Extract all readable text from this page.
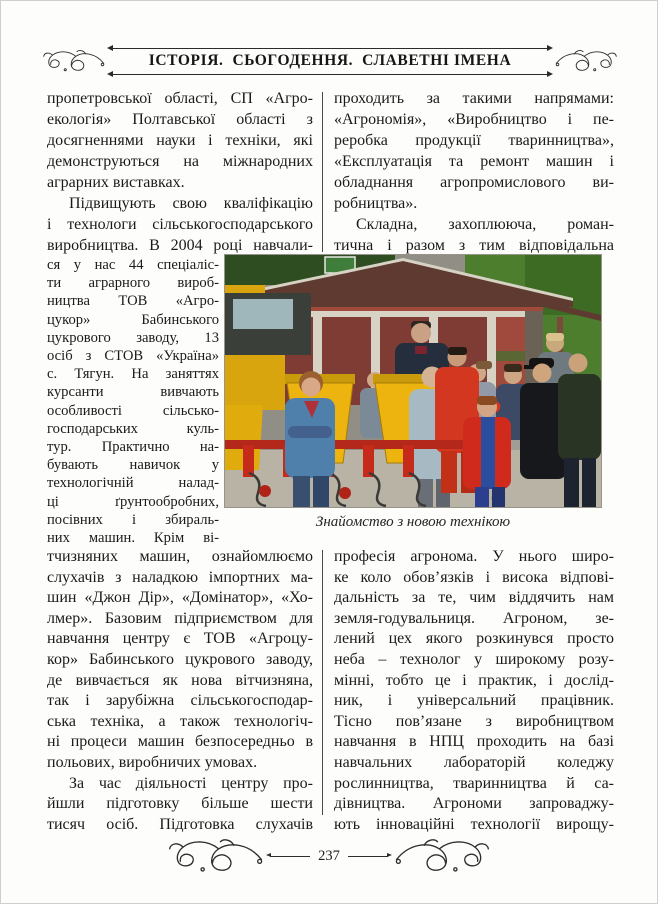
ІСТОРІЯ.  СЬОГОДЕННЯ.  СЛАВЕТНІ ІМЕНА
пропетровської області, СП «Агро-
екологія» Полтавської області з
досягненнями науки і техніки, які
демонструються на міжнародних
аграрних виставках.
Підвищують свою кваліфікацію
і технологи сільськогосподарського
виробництва. В 2004 році навчали-
проходить за такими напрямами:
«Агрономія», «Виробництво і пе-
реробка продукції тваринництва»,
«Експлуатація та ремонт машин і
обладнання агропромислового ви-
робництва».
Складна, захоплююча, роман-
тична і разом з тим відповідальна
ся у нас 44 спеціаліс-
ти аграрного вироб-
ництва ТОВ «Агро-
цукор» Бабинського
цукрового заводу, 13
осіб з СТОВ «Україна»
с. Тягун. На заняттях
курсанти вивчають
особливості сільсько-
господарських куль-
тур. Практично на-
бувають навичок у
технологічній налад-
ці ґрунтообробних,
посівних і збираль-
них машин. Крім ві-
тчизняних машин, ознайомлюємо
слухачів з наладкою імпортних ма-
шин «Джон Дір», «Домінатор», «Хо-
лмер». Базовим підприємством для
навчання центру є ТОВ «Агроцу-
кор» Бабинського цукрового заводу,
де вивчається як нова вітчизняна,
так і зарубіжна сільськогосподар-
ська техніка, а також технологіч-
ні процеси машин безпосередньо в
польових, виробничих умовах.
За час діяльності центру про-
йшли підготовку більше шести
тисяч осіб. Підготовка слухачів
професія агронома. У нього широ-
ке коло обов’язків і висока відпові-
дальність за те, чим віддячить нам
земля-годувальниця. Агроном, зе-
лений цех якого розкинувся просто
неба – технолог у широкому розу-
мінні, тобто це і практик, і дослід-
ник, і універсальний працівник.
Тісно пов’язане з виробництвом
навчання в НПЦ проходить на базі
навчальних лабораторій коледжу
рослинництва, тваринництва й са-
дівництва. Агрономи запроваджу-
ють інноваційні технології вирощу-
Знайомство з новою технікою
237
